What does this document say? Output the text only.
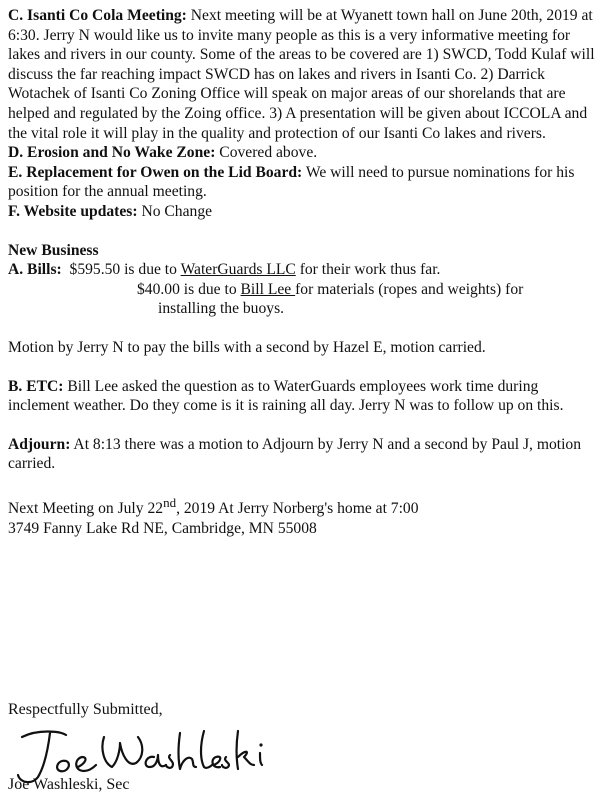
C. Isanti Co Cola Meeting: Next meeting will be at Wyanett town hall on June 20th, 2019 at 6:30. Jerry N would like us to invite many people as this is a very informative meeting for lakes and rivers in our county. Some of the areas to be covered are 1) SWCD, Todd Kulaf will discuss the far reaching impact SWCD has on lakes and rivers in Isanti Co. 2) Darrick Wotachek of Isanti Co Zoning Office will speak on major areas of our shorelands that are helped and regulated by the Zoing office. 3) A presentation will be given about ICCOLA and the vital role it will play in the quality and protection of our Isanti Co lakes and rivers.

D. Erosion and No Wake Zone: Covered above.

E. Replacement for Owen on the Lid Board: We will need to pursue nominations for his position for the annual meeting.

F. Website updates: No Change

New Business

A. Bills: $595.50 is due to WaterGuards LLC for their work thus far.
$40.00 is due to Bill Lee for materials (ropes and weights) for
installing the buoys.

Motion by Jerry N to pay the bills with a second by Hazel E, motion carried.

B. ETC: Bill Lee asked the question as to WaterGuards employees work time during inclement weather. Do they come is it is raining all day. Jerry N was to follow up on this.

Adjourn: At 8:13 there was a motion to Adjourn by Jerry N and a second by Paul J, motion carried.

Next Meeting on July 22nd, 2019 At Jerry Norberg's home at 7:00

3749 Fanny Lake Rd NE, Cambridge, MN 55008

Respectfully Submitted,
Joe Washleski, Sec
